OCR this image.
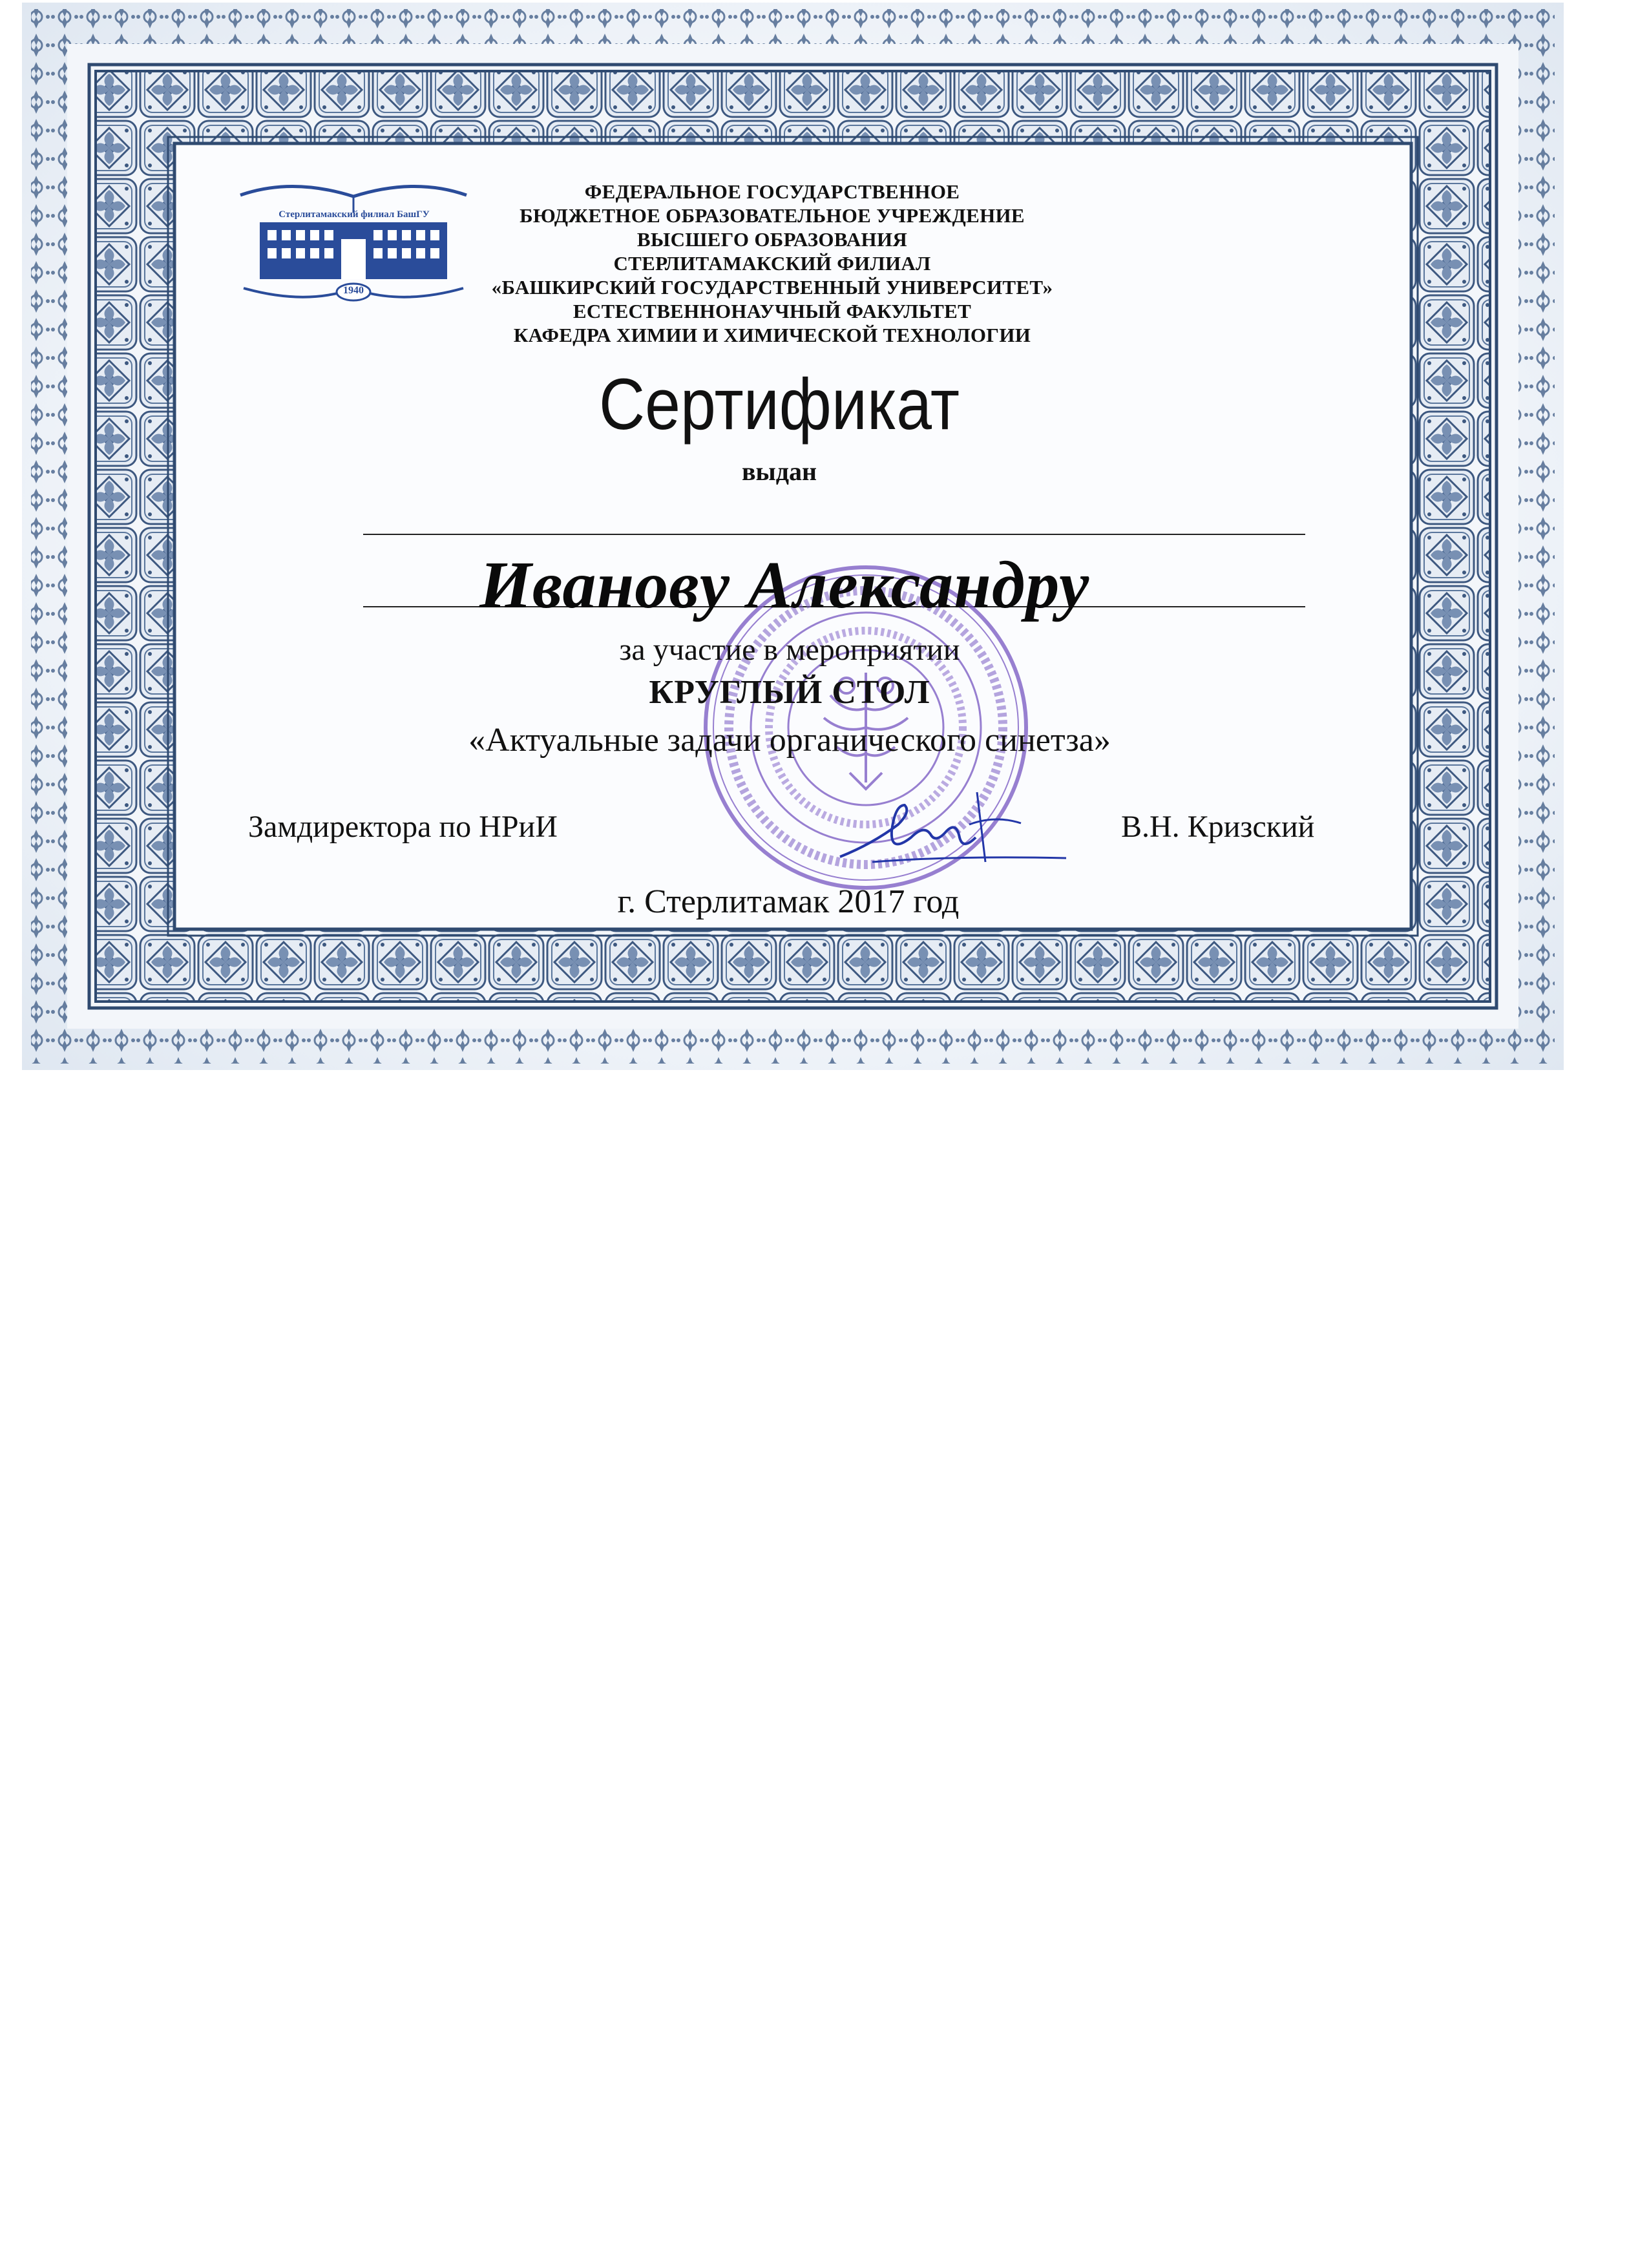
Стерлитамакский филиал БашГУ
1940
ФЕДЕРАЛЬНОЕ ГОСУДАРСТВЕННОЕ
БЮДЖЕТНОЕ ОБРАЗОВАТЕЛЬНОЕ УЧРЕЖДЕНИЕ
ВЫСШЕГО ОБРАЗОВАНИЯ
СТЕРЛИТАМАКСКИЙ ФИЛИАЛ
«БАШКИРСКИЙ ГОСУДАРСТВЕННЫЙ УНИВЕРСИТЕТ»
ЕСТЕСТВЕННОНАУЧНЫЙ ФАКУЛЬТЕТ
КАФЕДРА ХИМИИ И ХИМИЧЕСКОЙ ТЕХНОЛОГИИ
Сертификат
выдан
Иванову Александру
за участие в мероприятии
КРУГЛЫЙ СТОЛ
«Актуальные задачи органического синетза»
Замдиректора по НРиИ	В.Н. Кризский
г. Стерлитамак 2017 год
